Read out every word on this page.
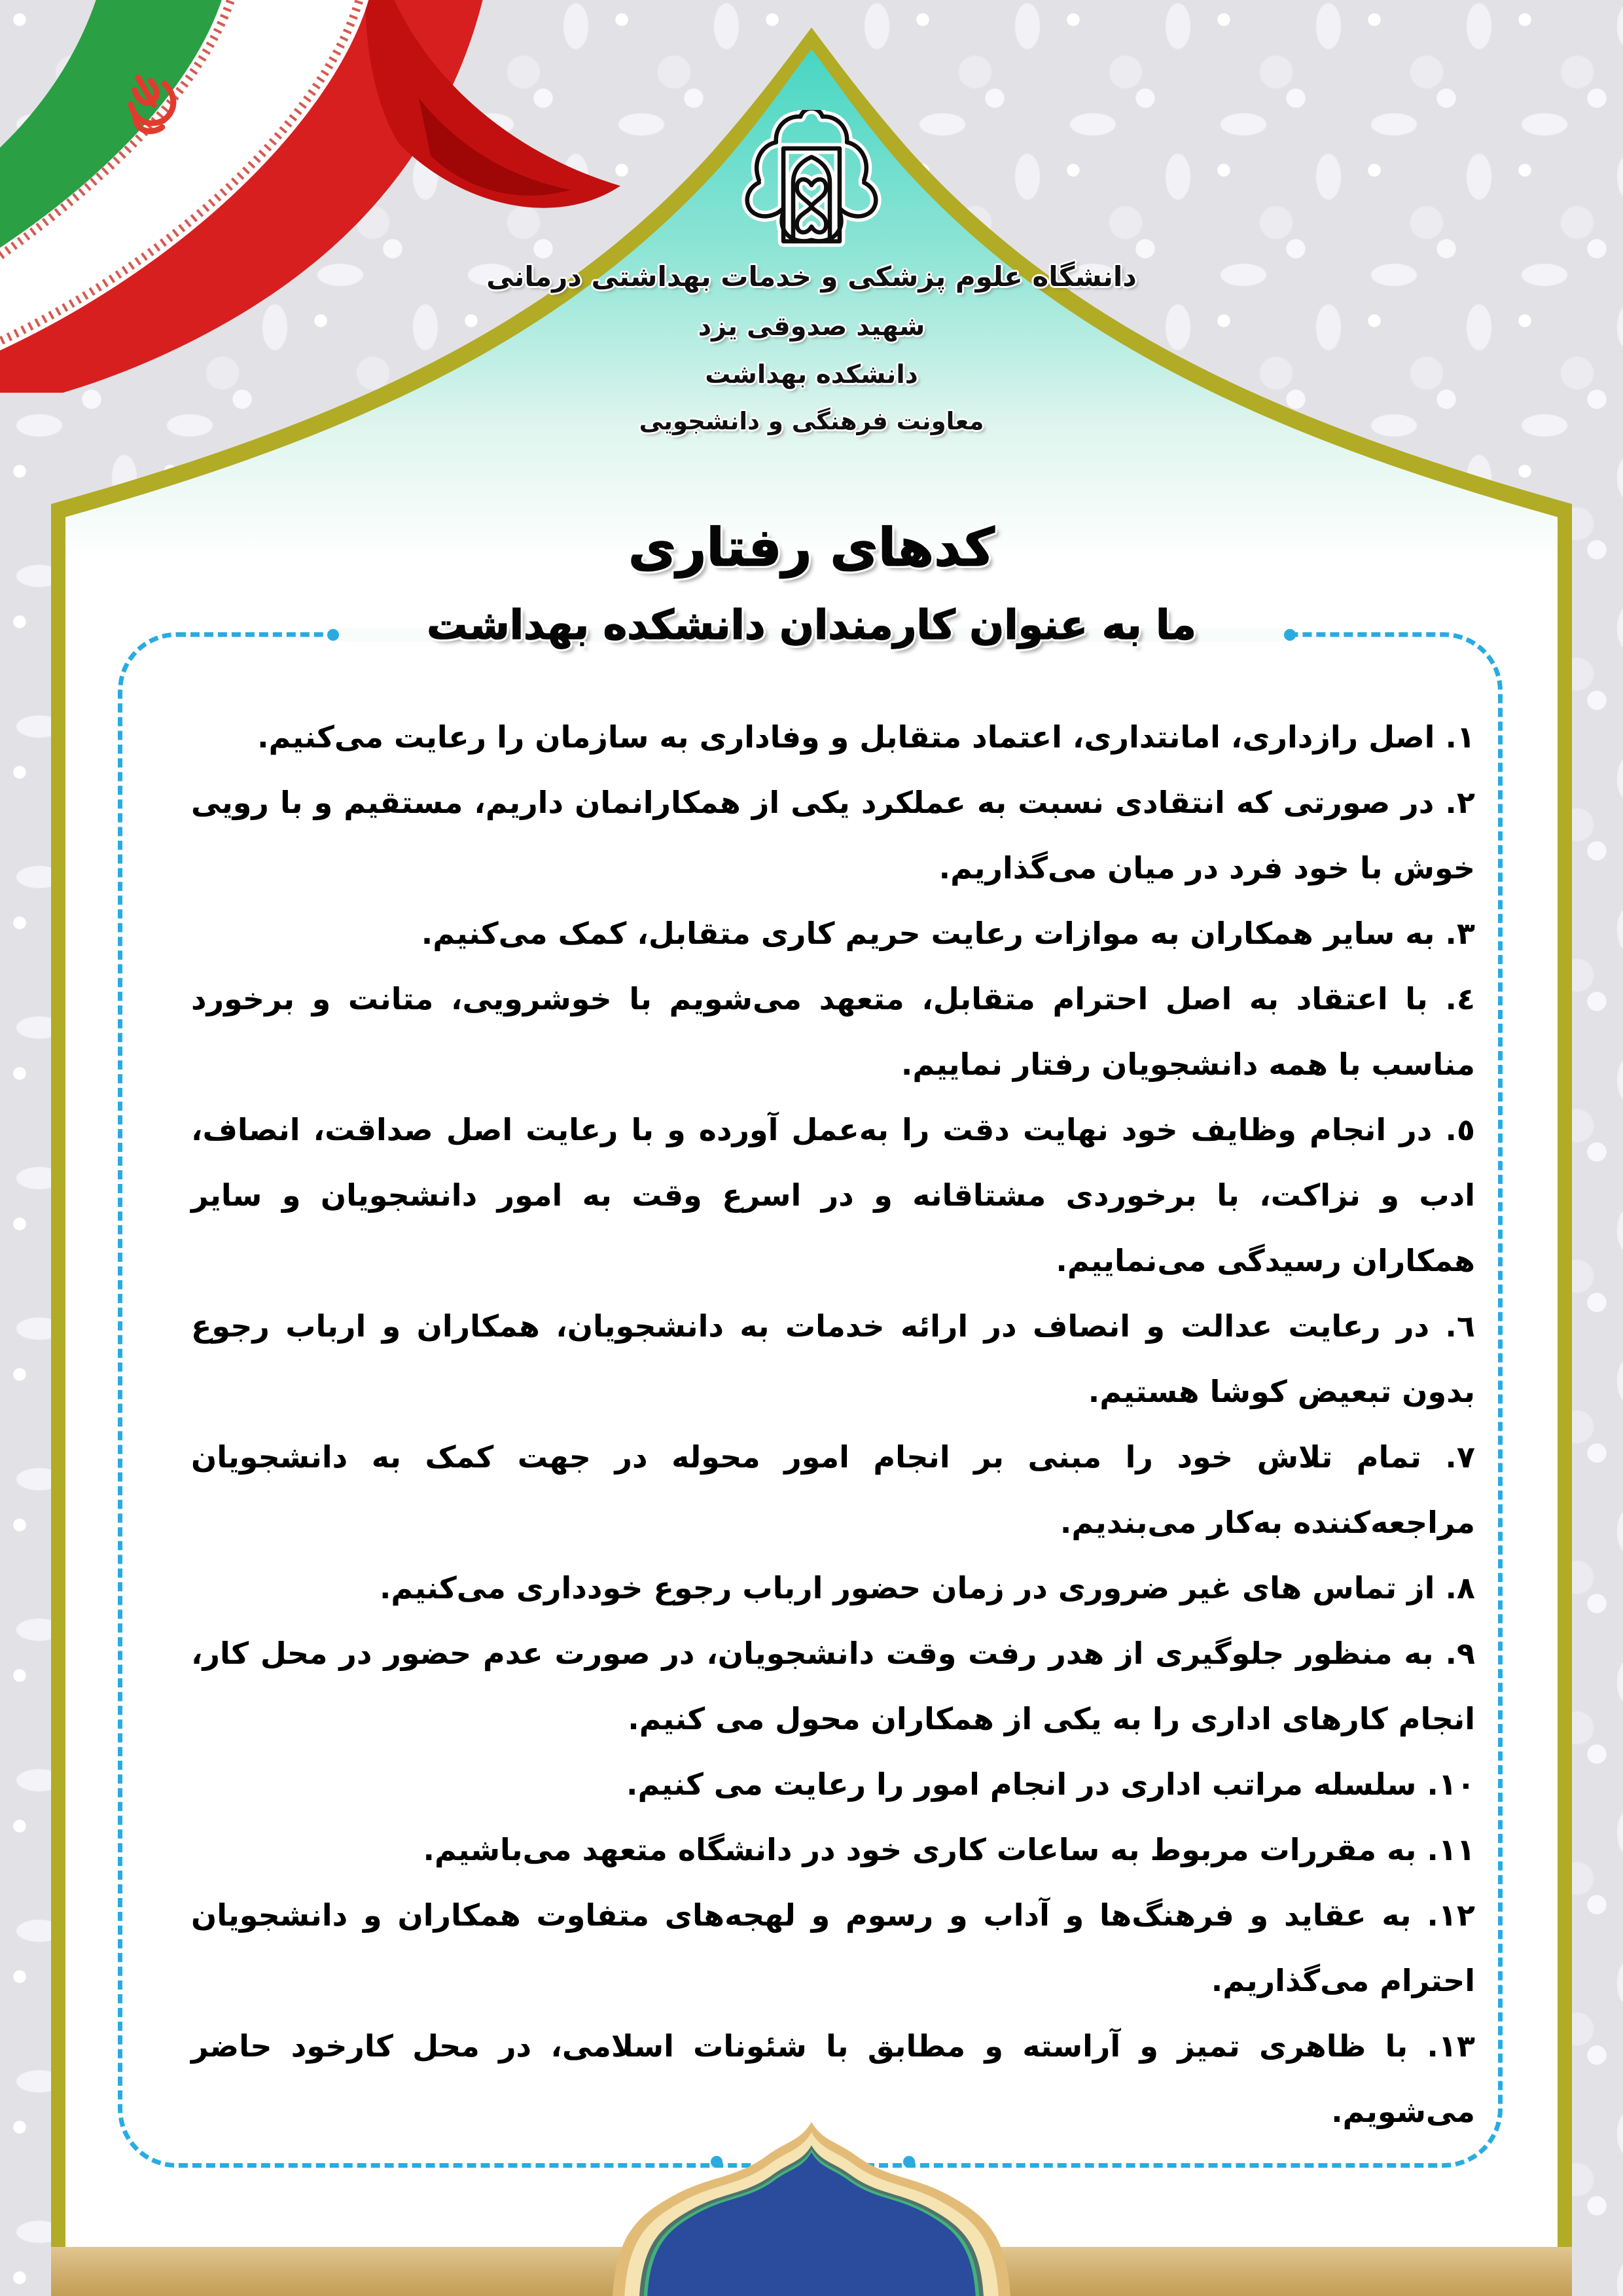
دانشگاه علوم پزشکی و خدمات بهداشتی درمانی
شهید صدوقی یزد
دانشکده بهداشت
معاونت فرهنگی و دانشجویی
کدهای رفتاری
ما به عنوان کارمندان دانشکده بهداشت

۱. اصل رازداری، امانتداری، اعتماد متقابل و وفاداری به سازمان را رعایت می‌کنیم.

۲. در صورتی که انتقادی نسبت به عملکرد یکی از همکارانمان داریم، مستقیم و با رویی خوش با خود فرد در میان می‌گذاریم.

۳. به سایر همکاران به موازات رعایت حریم کاری متقابل، کمک می‌کنیم.

٤. با اعتقاد به اصل احترام متقابل، متعهد می‌شویم با خوشرویی، متانت و برخورد مناسب با همه دانشجویان رفتار نماییم.

٥. در انجام وظایف خود نهایت دقت را به‌عمل آورده و با رعایت اصل صداقت، انصاف، ادب و نزاکت، با برخوردی مشتاقانه و در اسرع وقت به امور دانشجویان و سایر همکاران رسیدگی می‌نماییم.

٦. در رعایت عدالت و انصاف در ارائه خدمات به دانشجویان، همکاران و ارباب رجوع بدون تبعیض کوشا هستیم.

۷. تمام تلاش خود را مبنی بر انجام امور محوله در جهت کمک به دانشجویان مراجعه‌کننده به‌کار می‌بندیم.

۸. از تماس های غیر ضروری در زمان حضور ارباب رجوع خودداری می‌کنیم.

۹. به منظور جلوگیری از هدر رفت وقت دانشجویان، در صورت عدم حضور در محل کار، انجام کارهای اداری را به یکی از همکاران محول می کنیم.

۱۰. سلسله مراتب اداری در انجام امور را رعایت می کنیم.

۱۱. به مقررات مربوط به ساعات کاری خود در دانشگاه متعهد می‌باشیم.

۱۲. به عقاید و فرهنگ‌ها و آداب و رسوم و لهجه‌های متفاوت همکاران و دانشجویان احترام می‌گذاریم.

۱۳. با ظاهری تمیز و آراسته و مطابق با شئونات اسلامی، در محل کارخود حاضر می‌شویم.
